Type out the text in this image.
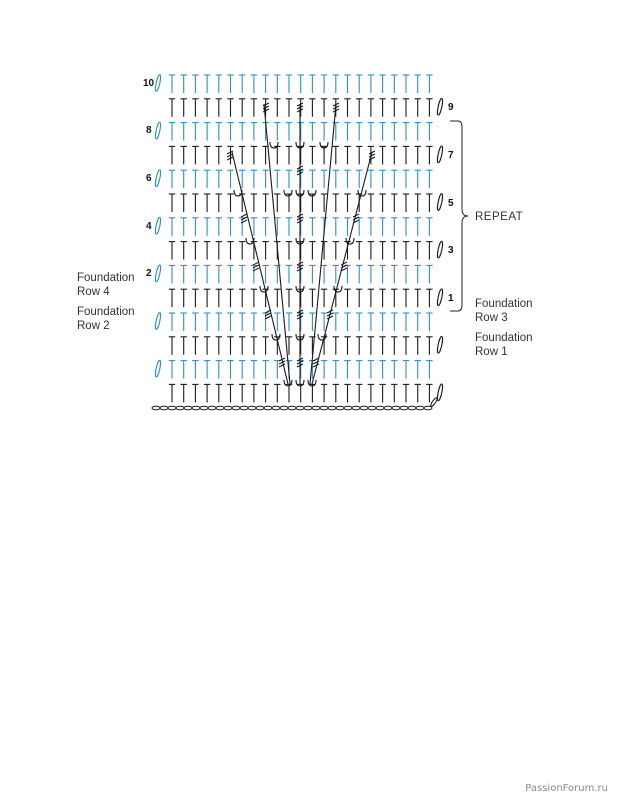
10
8
6
4
2
9
7
5
3
1
REPEAT
Foundation
Row 4
Foundation
Row 2
Foundation
Row 3
Foundation
Row 1
PassionForum.ru
